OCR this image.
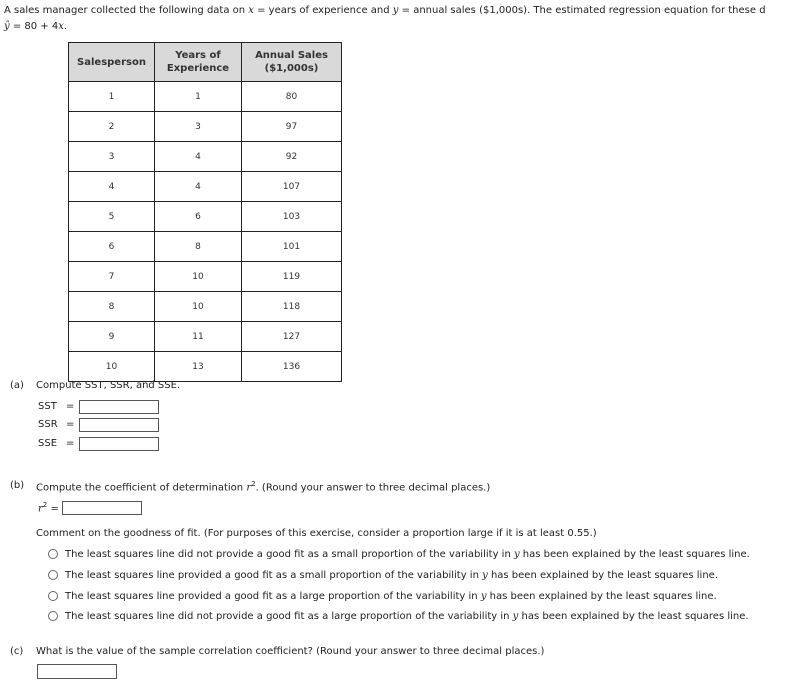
A sales manager collected the following data on x = years of experience and y = annual sales ($1,000s). The estimated regression equation for these d
ŷ = 80 + 4x.
Salesperson	Years of Experience	Annual Sales ($1,000s)
1	1	80
2	3	97
3	4	92
4	4	107
5	6	103
6	8	101
7	10	119
8	10	118
9	11	127
10	13	136
(a) Compute SST, SSR, and SSE.
SST =
SSR =
SSE =
(b) Compute the coefficient of determination $r^2$. (Round your answer to three decimal places.)
$r^2$ =
Comment on the goodness of fit. (For purposes of this exercise, consider a proportion large if it is at least 0.55.)
The least squares line did not provide a good fit as a small proportion of the variability in y has been explained by the least squares line.
The least squares line provided a good fit as a small proportion of the variability in y has been explained by the least squares line.
The least squares line provided a good fit as a large proportion of the variability in y has been explained by the least squares line.
The least squares line did not provide a good fit as a large proportion of the variability in y has been explained by the least squares line.
(c) What is the value of the sample correlation coefficient? (Round your answer to three decimal places.)
